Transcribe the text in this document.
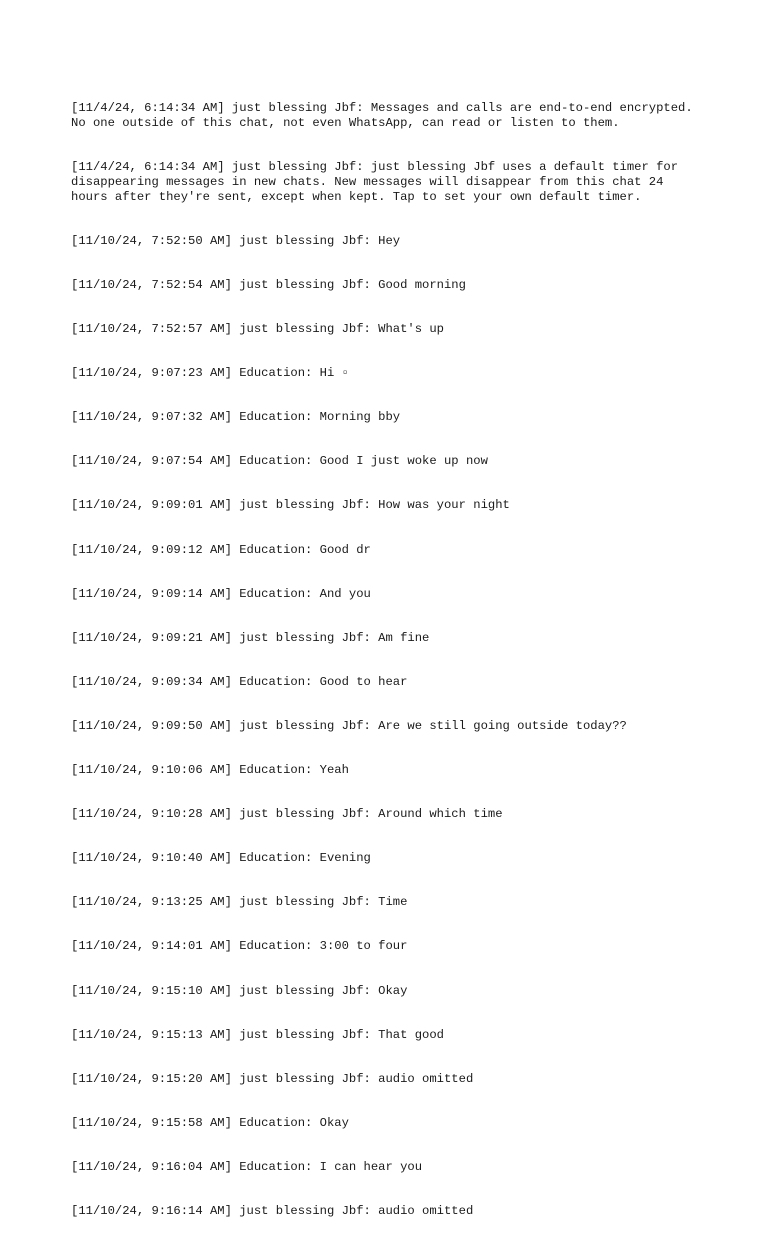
[11/4/24, 6:14:34 AM] just blessing Jbf: Messages and calls are end-to-end encrypted. No one outside of this chat, not even WhatsApp, can read or listen to them.

[11/4/24, 6:14:34 AM] just blessing Jbf: just blessing Jbf uses a default timer for disappearing messages in new chats. New messages will disappear from this chat 24 hours after they're sent, except when kept. Tap to set your own default timer.

[11/10/24, 7:52:50 AM] just blessing Jbf: Hey

[11/10/24, 7:52:54 AM] just blessing Jbf: Good morning

[11/10/24, 7:52:57 AM] just blessing Jbf: What's up

[11/10/24, 9:07:23 AM] Education: Hi ▫

[11/10/24, 9:07:32 AM] Education: Morning bby

[11/10/24, 9:07:54 AM] Education: Good I just woke up now

[11/10/24, 9:09:01 AM] just blessing Jbf: How was your night

[11/10/24, 9:09:12 AM] Education: Good dr

[11/10/24, 9:09:14 AM] Education: And you

[11/10/24, 9:09:21 AM] just blessing Jbf: Am fine

[11/10/24, 9:09:34 AM] Education: Good to hear

[11/10/24, 9:09:50 AM] just blessing Jbf: Are we still going outside today??

[11/10/24, 9:10:06 AM] Education: Yeah

[11/10/24, 9:10:28 AM] just blessing Jbf: Around which time

[11/10/24, 9:10:40 AM] Education: Evening

[11/10/24, 9:13:25 AM] just blessing Jbf: Time

[11/10/24, 9:14:01 AM] Education: 3:00 to four

[11/10/24, 9:15:10 AM] just blessing Jbf: Okay

[11/10/24, 9:15:13 AM] just blessing Jbf: That good

[11/10/24, 9:15:20 AM] just blessing Jbf: audio omitted

[11/10/24, 9:15:58 AM] Education: Okay

[11/10/24, 9:16:04 AM] Education: I can hear you

[11/10/24, 9:16:14 AM] just blessing Jbf: audio omitted
